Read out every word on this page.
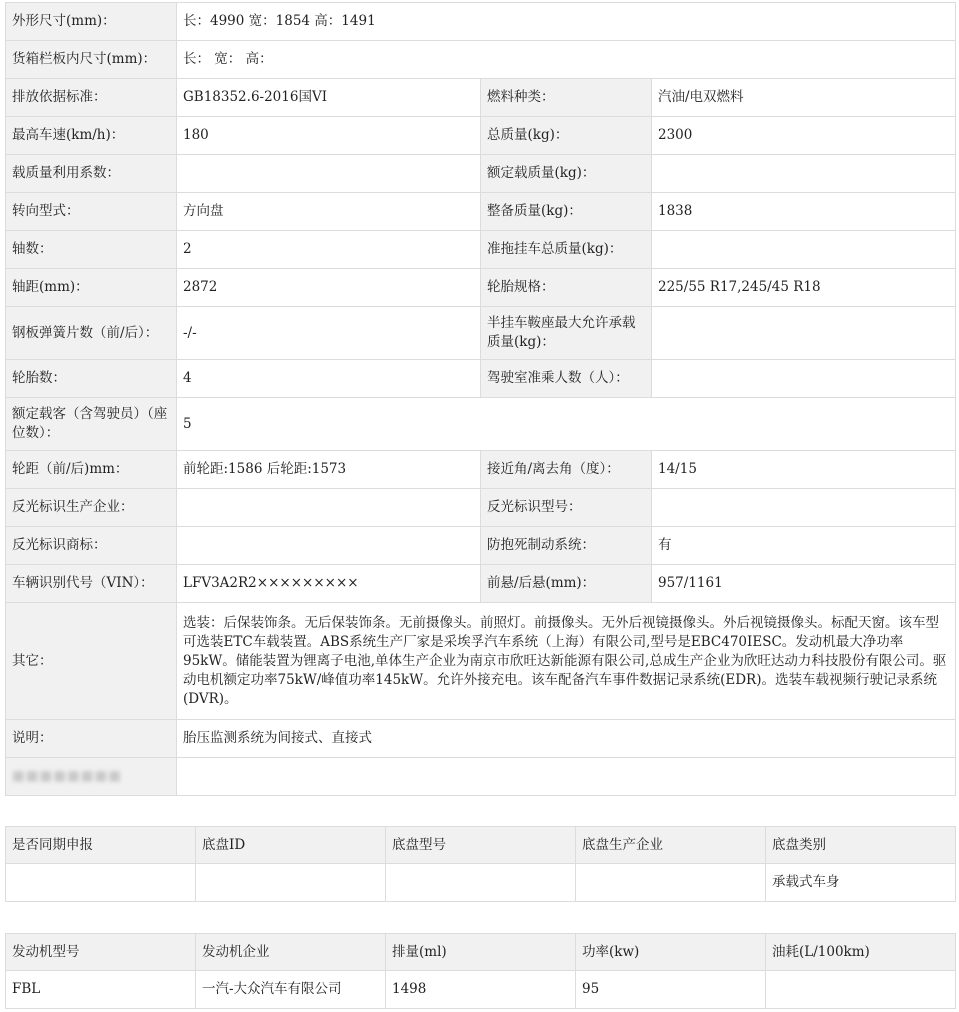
外形尺寸(mm)：	长：4990 宽：1854 高：1491		
货箱栏板内尺寸(mm)：	长： 宽： 高：		
排放依据标准：	GB18352.6-2016国VI	燃料种类：	汽油/电双燃料
最高车速(km/h)：	180	总质量(kg)：	2300
载质量利用系数：		额定载质量(kg)：	
转向型式：	方向盘	整备质量(kg)：	1838
轴数：	2	准拖挂车总质量(kg)：	
轴距(mm)：	2872	轮胎规格：	225/55 R17,245/45 R18
钢板弹簧片数（前/后）：	-/-	半挂车鞍座最大允许承载质量(kg)：	
轮胎数：	4	驾驶室准乘人数（人）：	
额定载客（含驾驶员）（座位数）：	5		
轮距（前/后)mm：	前轮距:1586 后轮距:1573	接近角/离去角（度）：	14/15
反光标识生产企业：		反光标识型号：	
反光标识商标：		防抱死制动系统：	有
车辆识别代号（VIN）：	LFV3A2R2×××××××××	前悬/后悬(mm)：	957/1161
其它：	选装：后保装饰条。无后保装饰条。无前摄像头。前照灯。前摄像头。无外后视镜摄像头。外后视镜摄像头。标配天窗。该车型可选装ETC车载装置。ABS系统生产厂家是采埃孚汽车系统（上海）有限公司,型号是EBC470IESC。发动机最大净功率95kW。储能装置为锂离子电池,单体生产企业为南京市欣旺达新能源有限公司,总成生产企业为欣旺达动力科技股份有限公司。驱动电机额定功率75kW/峰值功率145kW。允许外接充电。该车配备汽车事件数据记录系统(EDR)。选装车载视频行驶记录系统(DVR)。		
说明：	胎压监测系统为间接式、直接式		
■■■■■■■■			
是否同期申报	底盘ID	底盘型号	底盘生产企业	底盘类别
				承载式车身
发动机型号	发动机企业	排量(ml)	功率(kw)	油耗(L/100km)
FBL	一汽-大众汽车有限公司	1498	95	
